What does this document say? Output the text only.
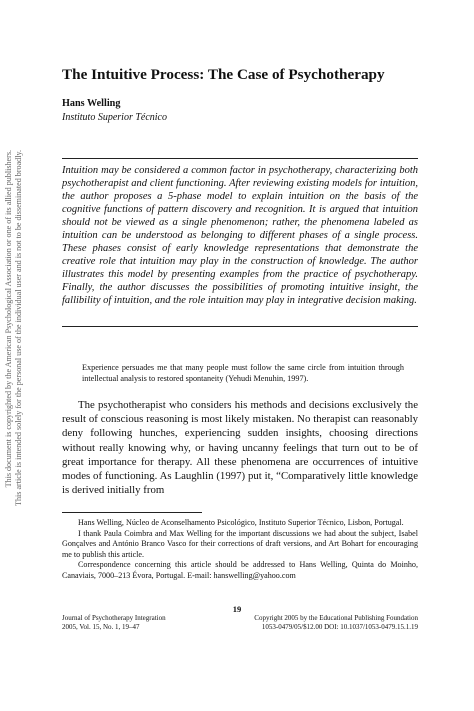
This document is copyrighted by the American Psychological Association or one of its allied publishers. This article is intended solely for the personal use of the individual user and is not to be disseminated broadly.
The Intuitive Process: The Case of Psychotherapy
Hans Welling
Instituto Superior Técnico

Intuition may be considered a common factor in psychotherapy, characterizing both psychotherapist and client functioning. After reviewing existing models for intuition, the author proposes a 5-phase model to explain intuition on the basis of the cognitive functions of pattern discovery and recognition. It is argued that intuition should not be viewed as a single phenomenon; rather, the phenomena labeled as intuition can be understood as belonging to different phases of a single process. These phases consist of early knowledge representations that demonstrate the creative role that intuition may play in the construction of knowledge. The author illustrates this model by presenting examples from the practice of psychotherapy. Finally, the author discusses the possibilities of promoting intuitive insight, the fallibility of intuition, and the role intuition may play in integrative decision making.

Experience persuades me that many people must follow the same circle from intuition through intellectual analysis to restored spontaneity (Yehudi Menuhin, 1997).

The psychotherapist who considers his methods and decisions exclusively the result of conscious reasoning is most likely mistaken. No therapist can reasonably deny following hunches, experiencing sudden insights, choosing directions without really knowing why, or having uncanny feelings that turn out to be of great importance for therapy. All these phenomena are occurrences of intuitive modes of functioning. As Laughlin (1997) put it, “Comparatively little knowledge is derived initially from

Hans Welling, Núcleo de Aconselhamento Psicológico, Instituto Superior Técnico, Lisbon, Portugal.

I thank Paula Coimbra and Max Welling for the important discussions we had about the subject, Isabel Gonçalves and António Branco Vasco for their corrections of draft versions, and Art Bohart for encouraging me to publish this article.

Correspondence concerning this article should be addressed to Hans Welling, Quinta do Moinho, Canaviais, 7000–213 Évora, Portugal. E-mail: hanswelling@yahoo.com

19
Journal of Psychotherapy Integration
2005, Vol. 15, No. 1, 19–47
Copyright 2005 by the Educational Publishing Foundation
1053-0479/05/$12.00 DOI: 10.1037/1053-0479.15.1.19
